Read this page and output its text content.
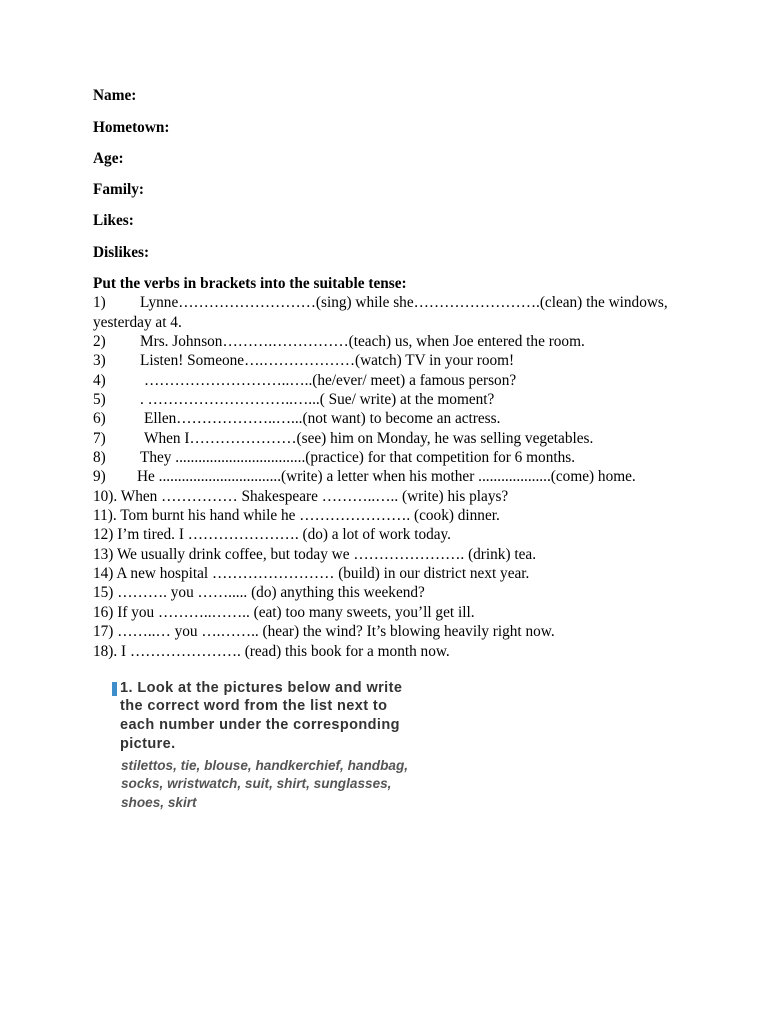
Name:
Hometown:
Age:
Family:
Likes:
Dislikes:
Put the verbs in brackets into the suitable tense:
1) Lynne………………………(sing) while she…………………….(clean) the windows,
yesterday at 4.
2) Mrs. Johnson……….……………(teach) us, when Joe entered the room.
3) Listen! Someone….………………(watch) TV in your room!
4)	………………………..…..(he/ever/ meet) a famous person?
5) . ………………………..…...( Sue/ write) at the moment?
6)	Ellen………………..…...(not want) to become an actress.
7)	When I…………………(see) him on Monday, he was selling vegetables.
8) They ..................................(practice) for that competition for 6 months.
9) He ................................(write) a letter when his mother ...................(come) home.
10). When …………… Shakespeare ………..….. (write) his plays?
11). Tom burnt his hand while he …………………. (cook) dinner.
12) I’m tired. I …………………. (do) a lot of work today.
13) We usually drink coffee, but today we …………………. (drink) tea.
14) A new hospital …………………… (build) in our district next year.
15) ………. you ……..... (do) anything this weekend?
16) If you ………..…….. (eat) too many sweets, you’ll get ill.
17) ……..… you ….…….. (hear) the wind? It’s blowing heavily right now.
18). I …………………. (read) this book for a month now.
1. Look at the pictures below and write
the correct word from the list next to
each number under the corresponding
picture.
stilettos, tie, blouse, handkerchief, handbag,
socks, wristwatch, suit, shirt, sunglasses,
shoes, skirt
